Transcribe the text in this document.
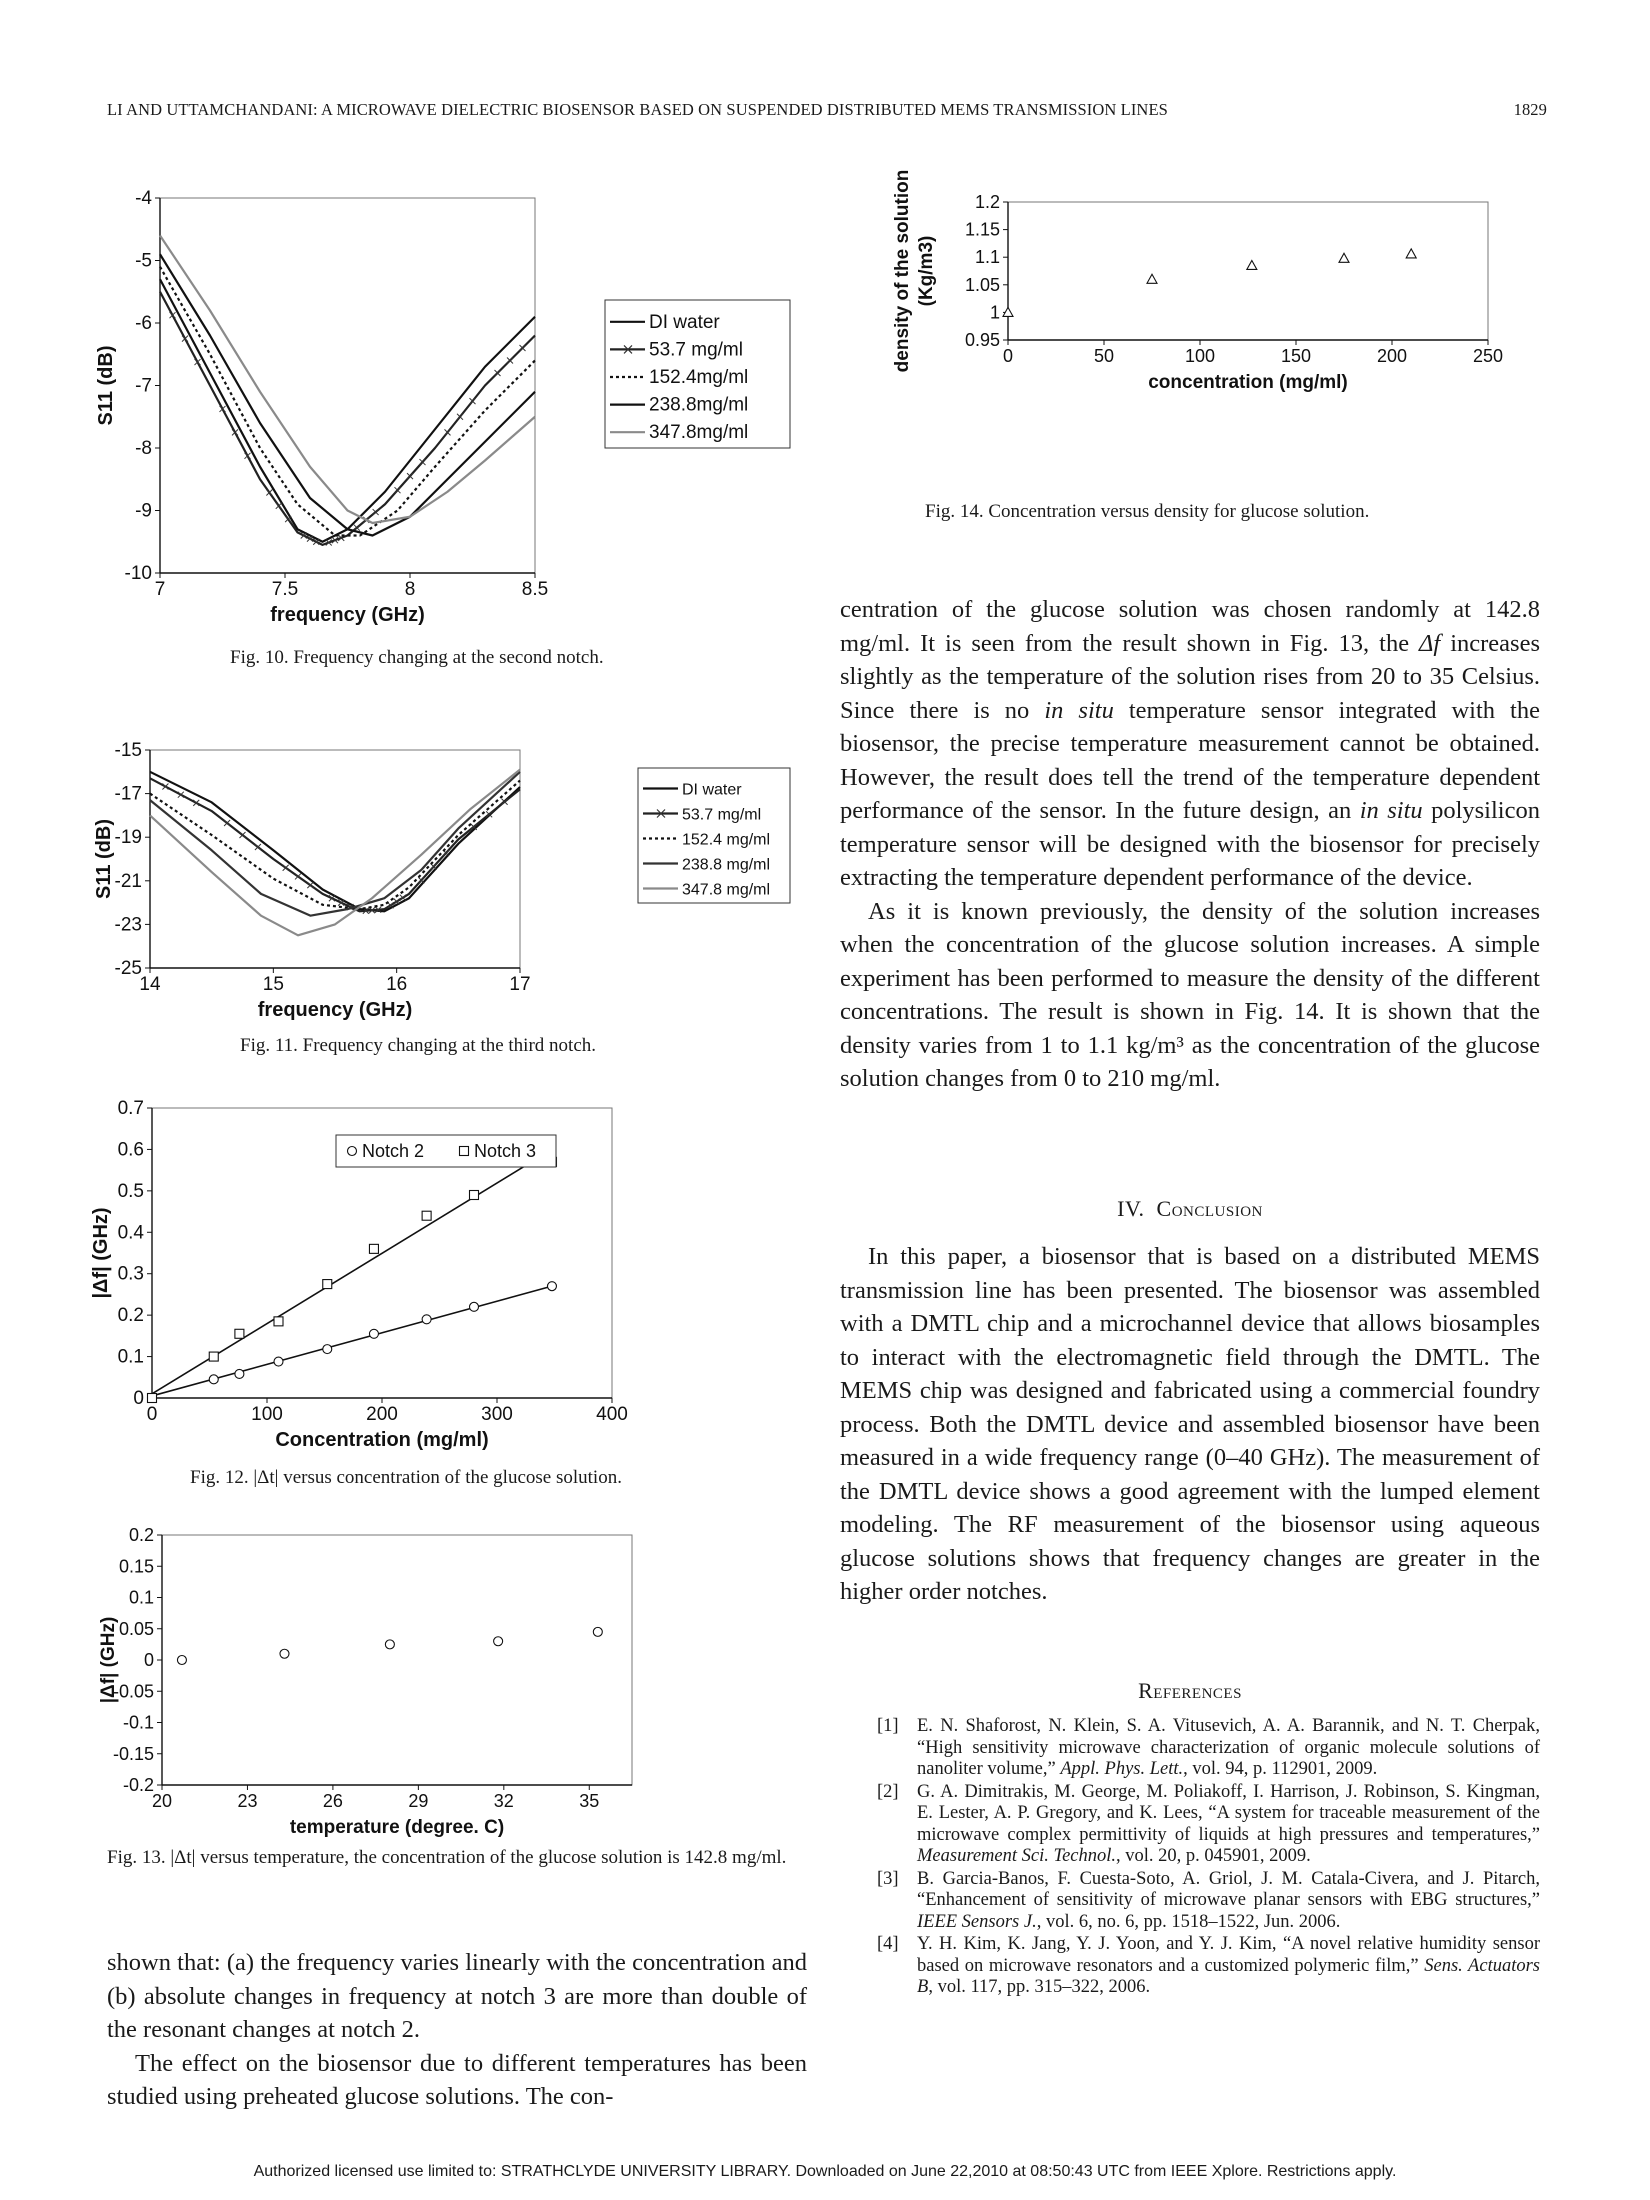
LI AND UTTAMCHANDANI: A MICROWAVE DIELECTRIC BIOSENSOR BASED ON SUSPENDED DISTRIBUTED MEMS TRANSMISSION LINES	1829
-4
-5
-6
-7
-8
-9
-10
7	7.5	8	8.5
frequency (GHz)
S11 (dB)
DI water
53.7 mg/ml
152.4mg/ml
238.8mg/ml
347.8mg/ml
Fig. 10. Frequency changing at the second notch.
-15
-17
-19
-21
-23
-25
14	15	16	17
frequency (GHz)
S11 (dB)
DI water
53.7 mg/ml
152.4 mg/ml
238.8 mg/ml
347.8 mg/ml
Fig. 11. Frequency changing at the third notch.
0.7
0.6
0.5
0.4
0.3
0.2
0.1
0
0	100	200	300	400
Concentration (mg/ml)
|Δf| (GHz)
Notch 2	Notch 3
Fig. 12. |Δt| versus concentration of the glucose solution.
0.2
0.15
0.1
0.05
0
-0.05
-0.1
-0.15
-0.2
20	23	26	29	32	35
temperature (degree. C)
|Δf| (GHz)
Fig. 13. |Δt| versus temperature, the concentration of the glucose solution is 142.8 mg/ml.

shown that: (a) the frequency varies linearly with the concentration and (b) absolute changes in frequency at notch 3 are more than double of the resonant changes at notch 2.

The effect on the biosensor due to different temperatures has been studied using preheated glucose solutions. The con-

1.2
1.15
1.1
1.05
1
0.95
0	50	100	150	200	250
concentration (mg/ml)
density of the solution (Kg/m3)
Fig. 14. Concentration versus density for glucose solution.

centration of the glucose solution was chosen randomly at 142.8 mg/ml. It is seen from the result shown in Fig. 13, the Δf increases slightly as the temperature of the solution rises from 20 to 35 Celsius. Since there is no in situ temperature sensor integrated with the biosensor, the precise temperature measurement cannot be obtained. However, the result does tell the trend of the temperature dependent performance of the sensor. In the future design, an in situ polysilicon temperature sensor will be designed with the biosensor for precisely extracting the temperature dependent performance of the device.

As it is known previously, the density of the solution increases when the concentration of the glucose solution increases. A simple experiment has been performed to measure the density of the different concentrations. The result is shown in Fig. 14. It is shown that the density varies from 1 to 1.1 kg/m³ as the concentration of the glucose solution changes from 0 to 210 mg/ml.

IV. Conclusion

In this paper, a biosensor that is based on a distributed MEMS transmission line has been presented. The biosensor was assembled with a DMTL chip and a microchannel device that allows biosamples to interact with the electromagnetic field through the DMTL. The MEMS chip was designed and fabricated using a commercial foundry process. Both the DMTL device and assembled biosensor have been measured in a wide frequency range (0–40 GHz). The measurement of the DMTL device shows a good agreement with the lumped element modeling. The RF measurement of the biosensor using aqueous glucose solutions shows that frequency changes are greater in the higher order notches.

References
[1] E. N. Shaforost, N. Klein, S. A. Vitusevich, A. A. Barannik, and N. T. Cherpak, “High sensitivity microwave characterization of organic molecule solutions of nanoliter volume,” Appl. Phys. Lett., vol. 94, p. 112901, 2009.
[2] G. A. Dimitrakis, M. George, M. Poliakoff, I. Harrison, J. Robinson, S. Kingman, E. Lester, A. P. Gregory, and K. Lees, “A system for traceable measurement of the microwave complex permittivity of liquids at high pressures and temperatures,” Measurement Sci. Technol., vol. 20, p. 045901, 2009.
[3] B. Garcia-Banos, F. Cuesta-Soto, A. Griol, J. M. Catala-Civera, and J. Pitarch, “Enhancement of sensitivity of microwave planar sensors with EBG structures,” IEEE Sensors J., vol. 6, no. 6, pp. 1518–1522, Jun. 2006.
[4] Y. H. Kim, K. Jang, Y. J. Yoon, and Y. J. Kim, “A novel relative humidity sensor based on microwave resonators and a customized polymeric film,” Sens. Actuators B, vol. 117, pp. 315–322, 2006.
Authorized licensed use limited to: STRATHCLYDE UNIVERSITY LIBRARY. Downloaded on June 22,2010 at 08:50:43 UTC from IEEE Xplore. Restrictions apply.
